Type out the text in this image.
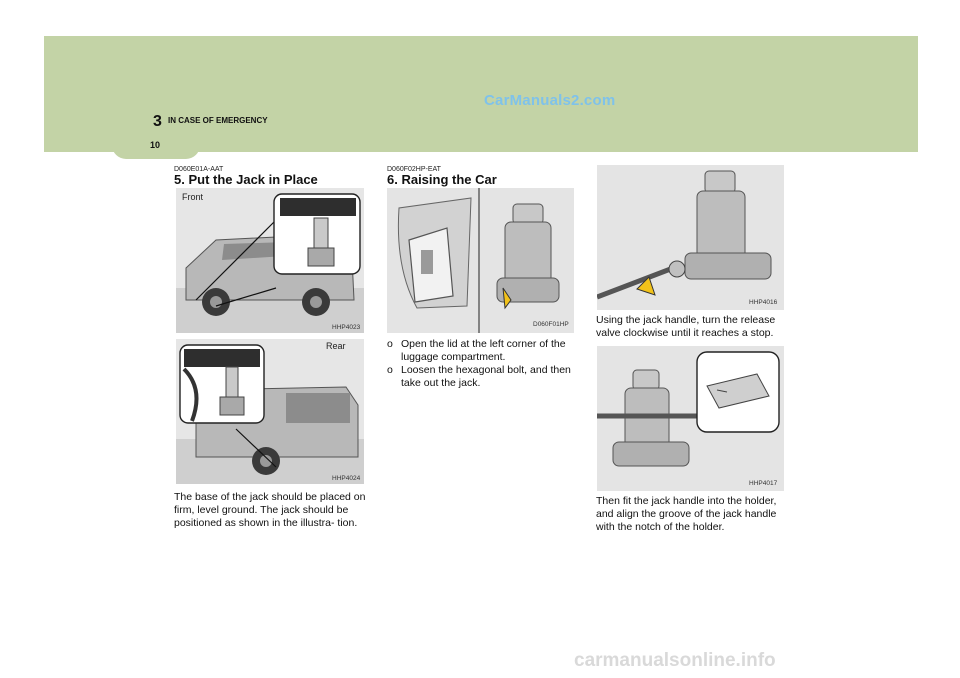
3 IN CASE OF EMERGENCY
10
CarManuals2.com
D060E01A-AAT
5. Put the Jack in Place
Front
HHP4023
Rear
HHP4024
The base of the jack should be placed on firm, level ground. The jack should be positioned as shown in the illustra- tion.
D060F02HP-EAT
6. Raising the Car
D060F01HP
o Open the lid at the left corner of the luggage compartment.
o Loosen the hexagonal bolt, and then take out the jack.
HHP4016
Using the jack handle, turn the release valve clockwise until it reaches a stop.
HHP4017
Then fit the jack handle into the holder, and align the groove of the jack handle with the notch of the holder.
carmanualsonline.info
